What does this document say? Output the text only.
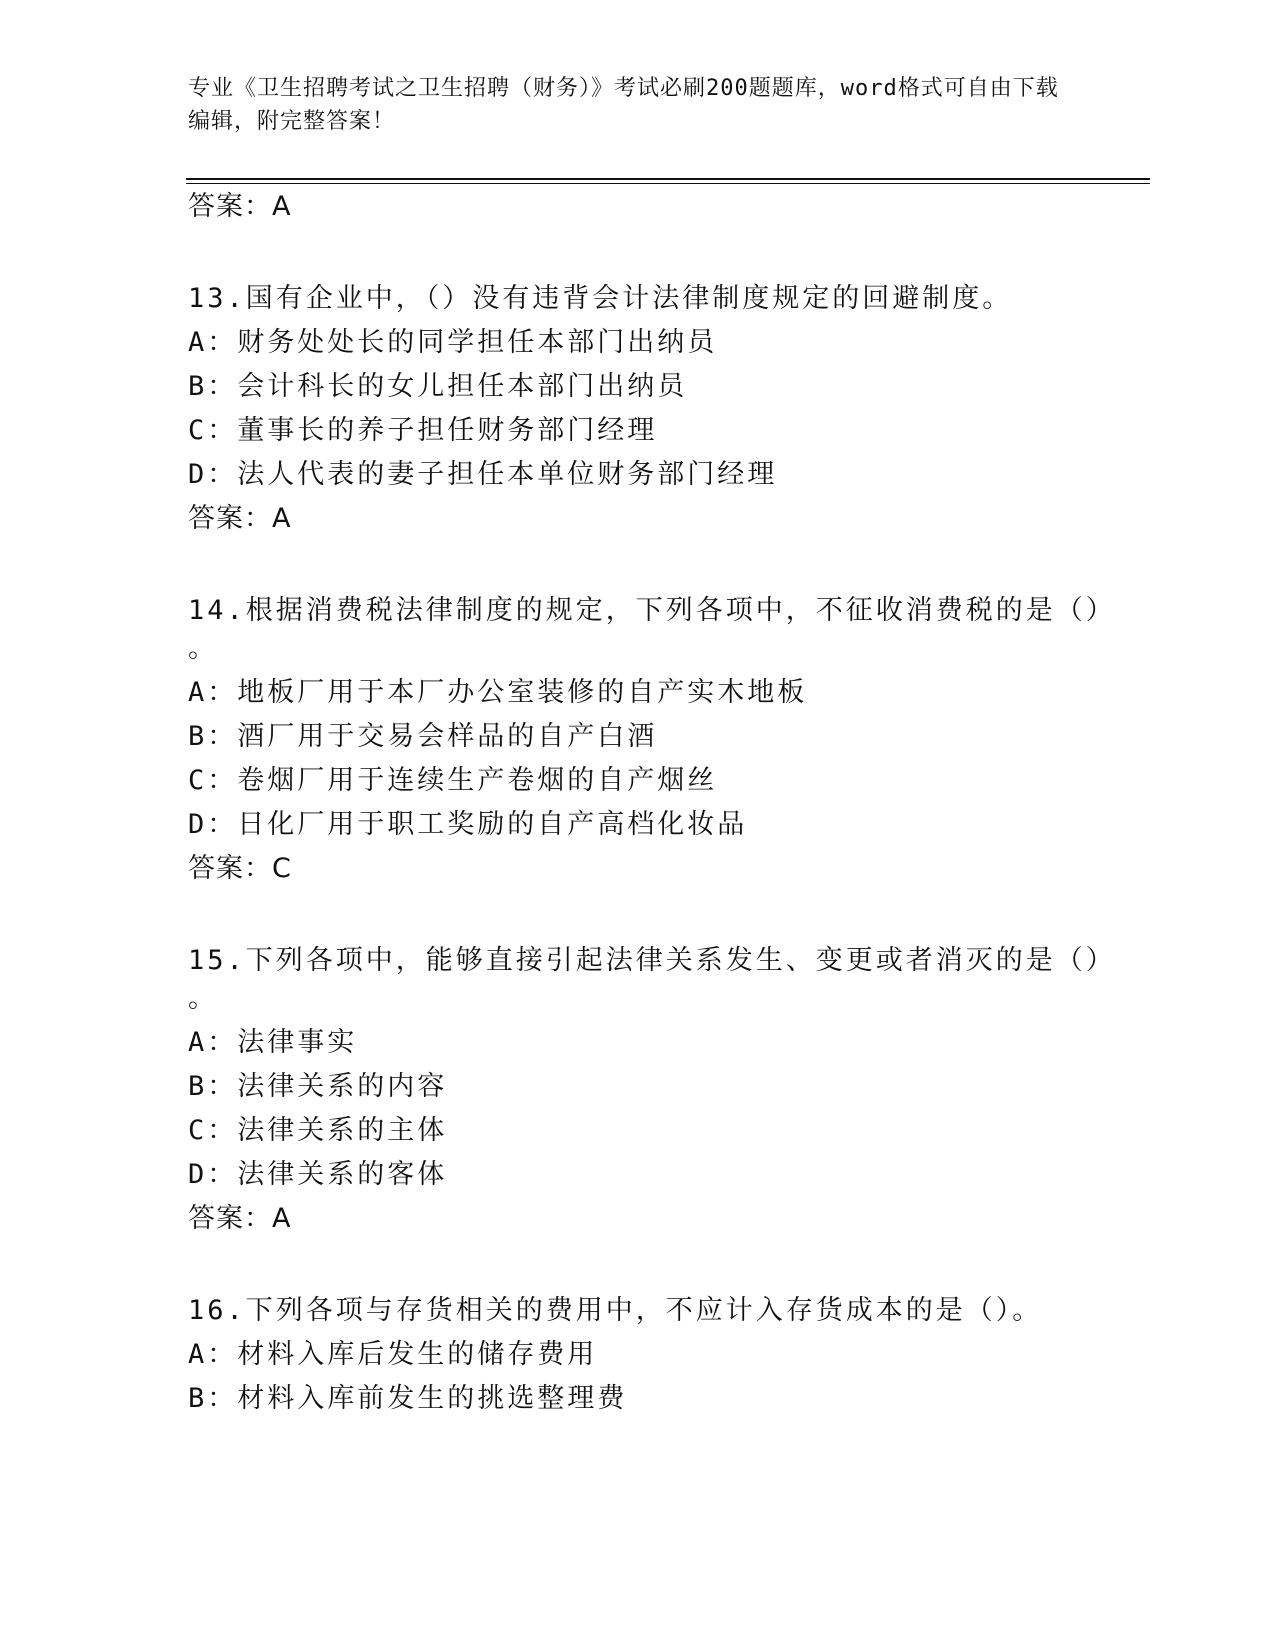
专业《卫生招聘考试之卫生招聘（财务）》考试必刷200题题库，word格式可自由下载编辑，附完整答案！
答案：A
13.国有企业中，（）没有违背会计法律制度规定的回避制度。
A：财务处处长的同学担任本部门出纳员
B：会计科长的女儿担任本部门出纳员
C：董事长的养子担任财务部门经理
D：法人代表的妻子担任本单位财务部门经理
答案：A
14.根据消费税法律制度的规定，下列各项中，不征收消费税的是（）
。
A：地板厂用于本厂办公室装修的自产实木地板
B：酒厂用于交易会样品的自产白酒
C：卷烟厂用于连续生产卷烟的自产烟丝
D：日化厂用于职工奖励的自产高档化妆品
答案：C
15.下列各项中，能够直接引起法律关系发生、变更或者消灭的是（）
。
A：法律事实
B：法律关系的内容
C：法律关系的主体
D：法律关系的客体
答案：A
16.下列各项与存货相关的费用中，不应计入存货成本的是（）。
A：材料入库后发生的储存费用
B：材料入库前发生的挑选整理费
